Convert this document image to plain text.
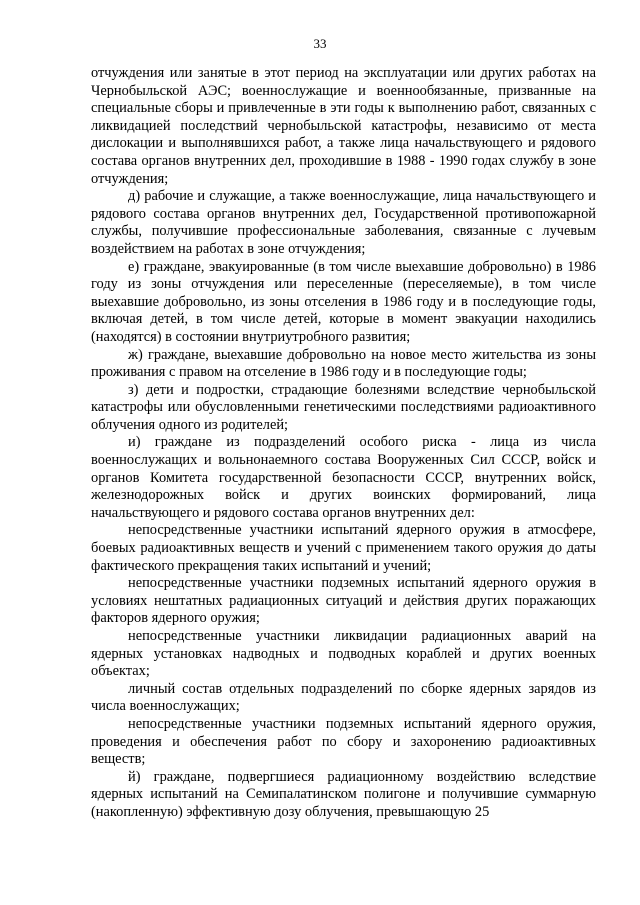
33

отчуждения или занятые в этот период на эксплуатации или других работах на Чернобыльской АЭС; военнослужащие и военнообязанные, призванные на специальные сборы и привлеченные в эти годы к выполнению работ, связанных с ликвидацией последствий чернобыльской катастрофы, независимо от места дислокации и выполнявшихся работ, а также лица начальствующего и рядового состава органов внутренних дел, проходившие в 1988 - 1990 годах службу в зоне отчуждения;

д) рабочие и служащие, а также военнослужащие, лица начальствующего и рядового состава органов внутренних дел, Государственной противопожарной службы, получившие профессиональные заболевания, связанные с лучевым воздействием на работах в зоне отчуждения;

е) граждане, эвакуированные (в том числе выехавшие добровольно) в 1986 году из зоны отчуждения или переселенные (переселяемые), в том числе выехавшие добровольно, из зоны отселения в 1986 году и в последующие годы, включая детей, в том числе детей, которые в момент эвакуации находились (находятся) в состоянии внутриутробного развития;

ж) граждане, выехавшие добровольно на новое место жительства из зоны проживания с правом на отселение в 1986 году и в последующие годы;

з) дети и подростки, страдающие болезнями вследствие чернобыльской катастрофы или обусловленными генетическими последствиями радиоактивного облучения одного из родителей;

и) граждане из подразделений особого риска - лица из числа военнослужащих и вольнонаемного состава Вооруженных Сил СССР, войск и органов Комитета государственной безопасности СССР, внутренних войск, железнодорожных войск и других воинских формирований, лица начальствующего и рядового состава органов внутренних дел:

непосредственные участники испытаний ядерного оружия в атмосфере, боевых радиоактивных веществ и учений с применением такого оружия до даты фактического прекращения таких испытаний и учений;

непосредственные участники подземных испытаний ядерного оружия в условиях нештатных радиационных ситуаций и действия других поражающих факторов ядерного оружия;

непосредственные участники ликвидации радиационных аварий на ядерных установках надводных и подводных кораблей и других военных объектах;

личный состав отдельных подразделений по сборке ядерных зарядов из числа военнослужащих;

непосредственные участники подземных испытаний ядерного оружия, проведения и обеспечения работ по сбору и захоронению радиоактивных веществ;

й) граждане, подвергшиеся радиационному воздействию вследствие ядерных испытаний на Семипалатинском полигоне и получившие суммарную (накопленную) эффективную дозу облучения, превышающую 25
